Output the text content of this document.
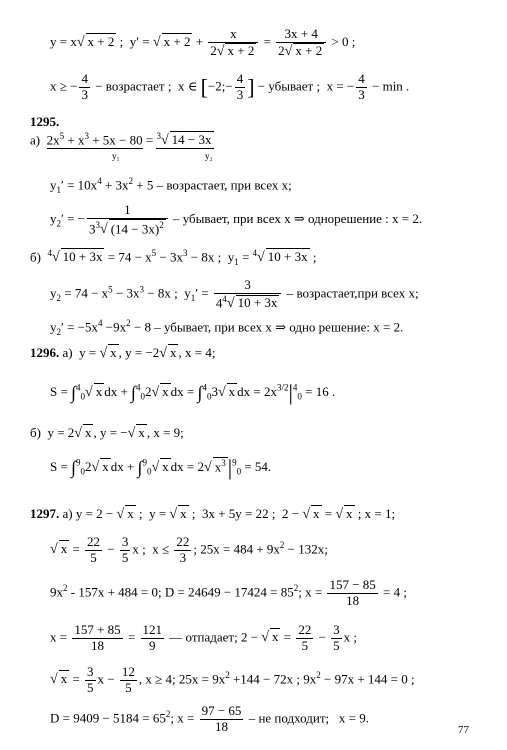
y = x√ x + 2 ;  y′ = √ $x + 2 + \frac{x}{2√ x + 2} = \frac{3x + 4}{2√ x + 2} > 0$ ;
x ≥ − $\frac{4}{3}$ − возрастает ;  x ∈ [−2;− $\frac{4}{3}$ ] − убывает ;  x = − $\frac{4}{3} - \min$ .
1295.
а)  $2x^5 + x^3 + 5x - 80 = ^3√$ 14 − 3x
y₁	y₂
$y_1' = 10x^4 + 3x^2 + 5$ – возрастает, при всех x;
$y_2'$ = − $\frac{1}{3^3√ (14 - 3x)^2}$ – убывает, при всех x ⇒ однорешение : x = 2.
б)  $^4$√ $10 + 3x = 74 - x^5 - 3x^3 - 8x$ ;  $y_1 = ^4√$ 10 + 3x ;
$y_2 = 74 - x^5 - 3x^3 - 8x$ ;  $y_1' = \frac{3}{4^4√ 10 + 3x}$ – возрастает,при всех x;
$y_2' = -5x^4 -9x^2 - 8$ – убывает, при всех x ⇒ одно решение: x = 2.
1296. а)  y = √ x , y = −2√ x , x = 4;
S = ∫$^4_0$√ x dx + ∫$^4_0$2√ x dx = ∫$^4_0$3√ x dx = $2x^{3/2}|^4_0 = 16$ .
б)  y = 2√ x , y = −√ x , x = 9;
S = ∫$^9_0$2√ x dx + ∫$^9_0$√ x dx = 2√ $x^3|^9_0 = 54$.
1297. а) y = 2 − √ x ;  y = √ x ;  3x + 5y = 22 ;  2 − √ x = √ x ; x = 1;
√ $x = \frac{22}{5} - \frac{3}{5}$ x ;  $x \le \frac{22}{3}$ ; $25x = 484 + 9x^2 - 132x$;
$9x^2 - 157x + 484 = 0$; $D = 24649 - 17424 = 85^2$; $x = \frac{157 - 85}{18} = 4$ ;
$x = \frac{157 + 85}{18} = \frac{121}{9}$ — отпадает; 2 − √ $x = \frac{22}{5} - \frac{3}{5}$ x ;
√ $x = \frac{3}{5}$ $x - \frac{12}{5}$ , x ≥ 4; $25x = 9x^2 +144 - 72x$ ; $9x^2 - 97x + 144 = 0$ ;
$D = 9409 - 5184 = 65^2$; $x = \frac{97 - 65}{18}$ – не подходит;   x = 9.
77
